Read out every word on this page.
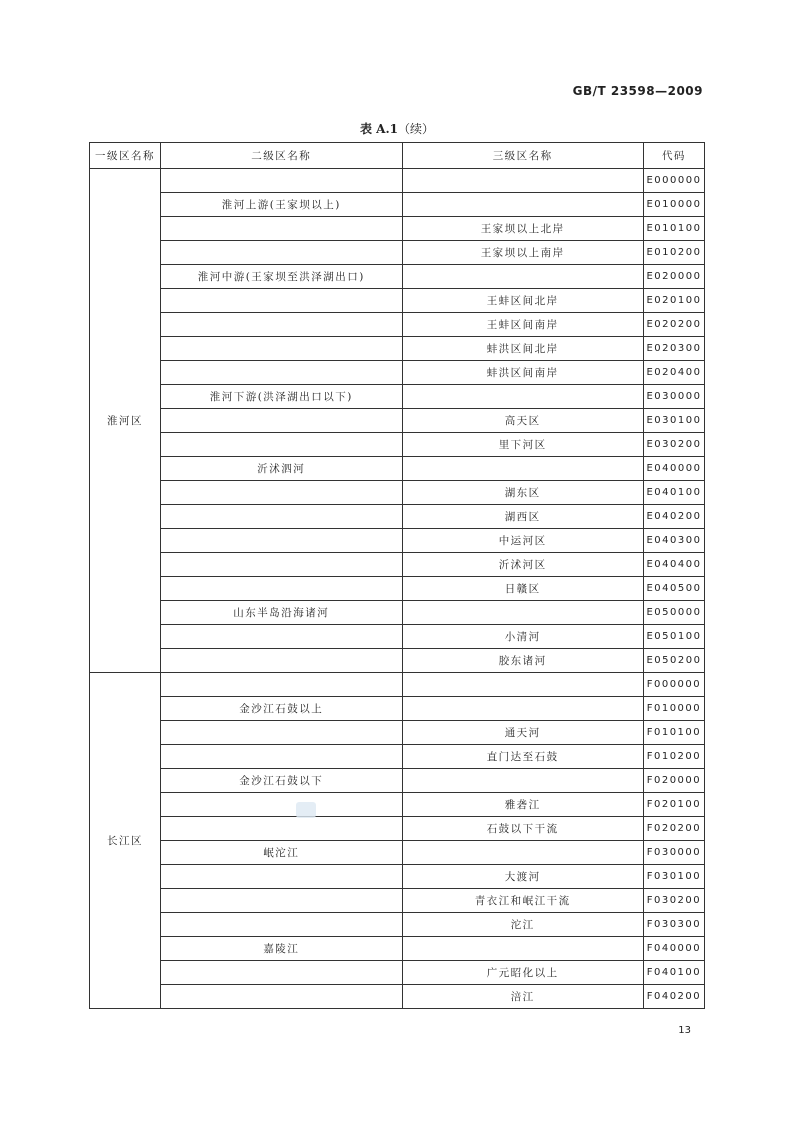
GB/T 23598—2009
表 A.1（续）
一级区名称	二级区名称	三级区名称	代码
淮河区			E000000
	淮河上游(王家坝以上)		E010000
		王家坝以上北岸	E010100
		王家坝以上南岸	E010200
	淮河中游(王家坝至洪泽湖出口)		E020000
		王蚌区间北岸	E020100
		王蚌区间南岸	E020200
		蚌洪区间北岸	E020300
		蚌洪区间南岸	E020400
	淮河下游(洪泽湖出口以下)		E030000
		高天区	E030100
		里下河区	E030200
	沂沭泗河		E040000
		湖东区	E040100
		湖西区	E040200
		中运河区	E040300
		沂沭河区	E040400
		日赣区	E040500
	山东半岛沿海诸河		E050000
		小清河	E050100
		胶东诸河	E050200
长江区			F000000
	金沙江石鼓以上		F010000
		通天河	F010100
		直门达至石鼓	F010200
	金沙江石鼓以下		F020000
		雅砻江	F020100
		石鼓以下干流	F020200
	岷沱江		F030000
		大渡河	F030100
		青衣江和岷江干流	F030200
		沱江	F030300
	嘉陵江		F040000
		广元昭化以上	F040100
		涪江	F040200
13
